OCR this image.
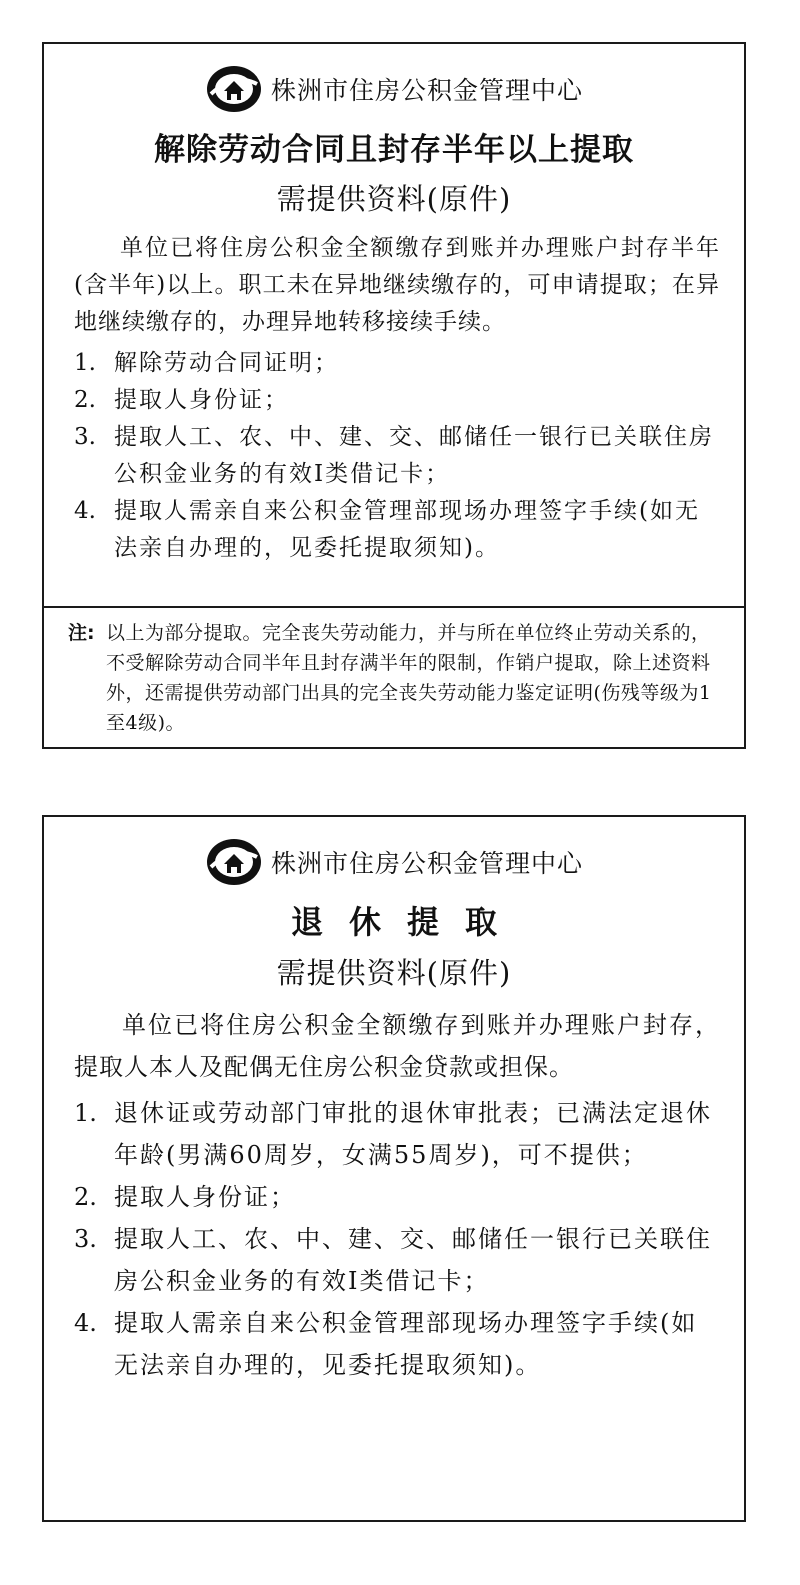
株洲市住房公积金管理中心
解除劳动合同且封存半年以上提取
需提供资料(原件)

单位已将住房公积金全额缴存到账并办理账户封存半年(含半年)以上。职工未在异地继续缴存的，可申请提取；在异地继续缴存的，办理异地转移接续手续。

1. 解除劳动合同证明；
2. 提取人身份证；
3. 提取人工、农、中、建、交、邮储任一银行已关联住房公积金业务的有效Ⅰ类借记卡；
4. 提取人需亲自来公积金管理部现场办理签字手续(如无法亲自办理的，见委托提取须知)。
注: 以上为部分提取。完全丧失劳动能力，并与所在单位终止劳动关系的，不受解除劳动合同半年且封存满半年的限制，作销户提取，除上述资料外，还需提供劳动部门出具的完全丧失劳动能力鉴定证明(伤残等级为1至4级)。
株洲市住房公积金管理中心
退休提取
需提供资料(原件)

单位已将住房公积金全额缴存到账并办理账户封存，提取人本人及配偶无住房公积金贷款或担保。

1. 退休证或劳动部门审批的退休审批表；已满法定退休年龄(男满60周岁，女满55周岁)，可不提供；
2. 提取人身份证；
3. 提取人工、农、中、建、交、邮储任一银行已关联住房公积金业务的有效Ⅰ类借记卡；
4. 提取人需亲自来公积金管理部现场办理签字手续(如无法亲自办理的，见委托提取须知)。
